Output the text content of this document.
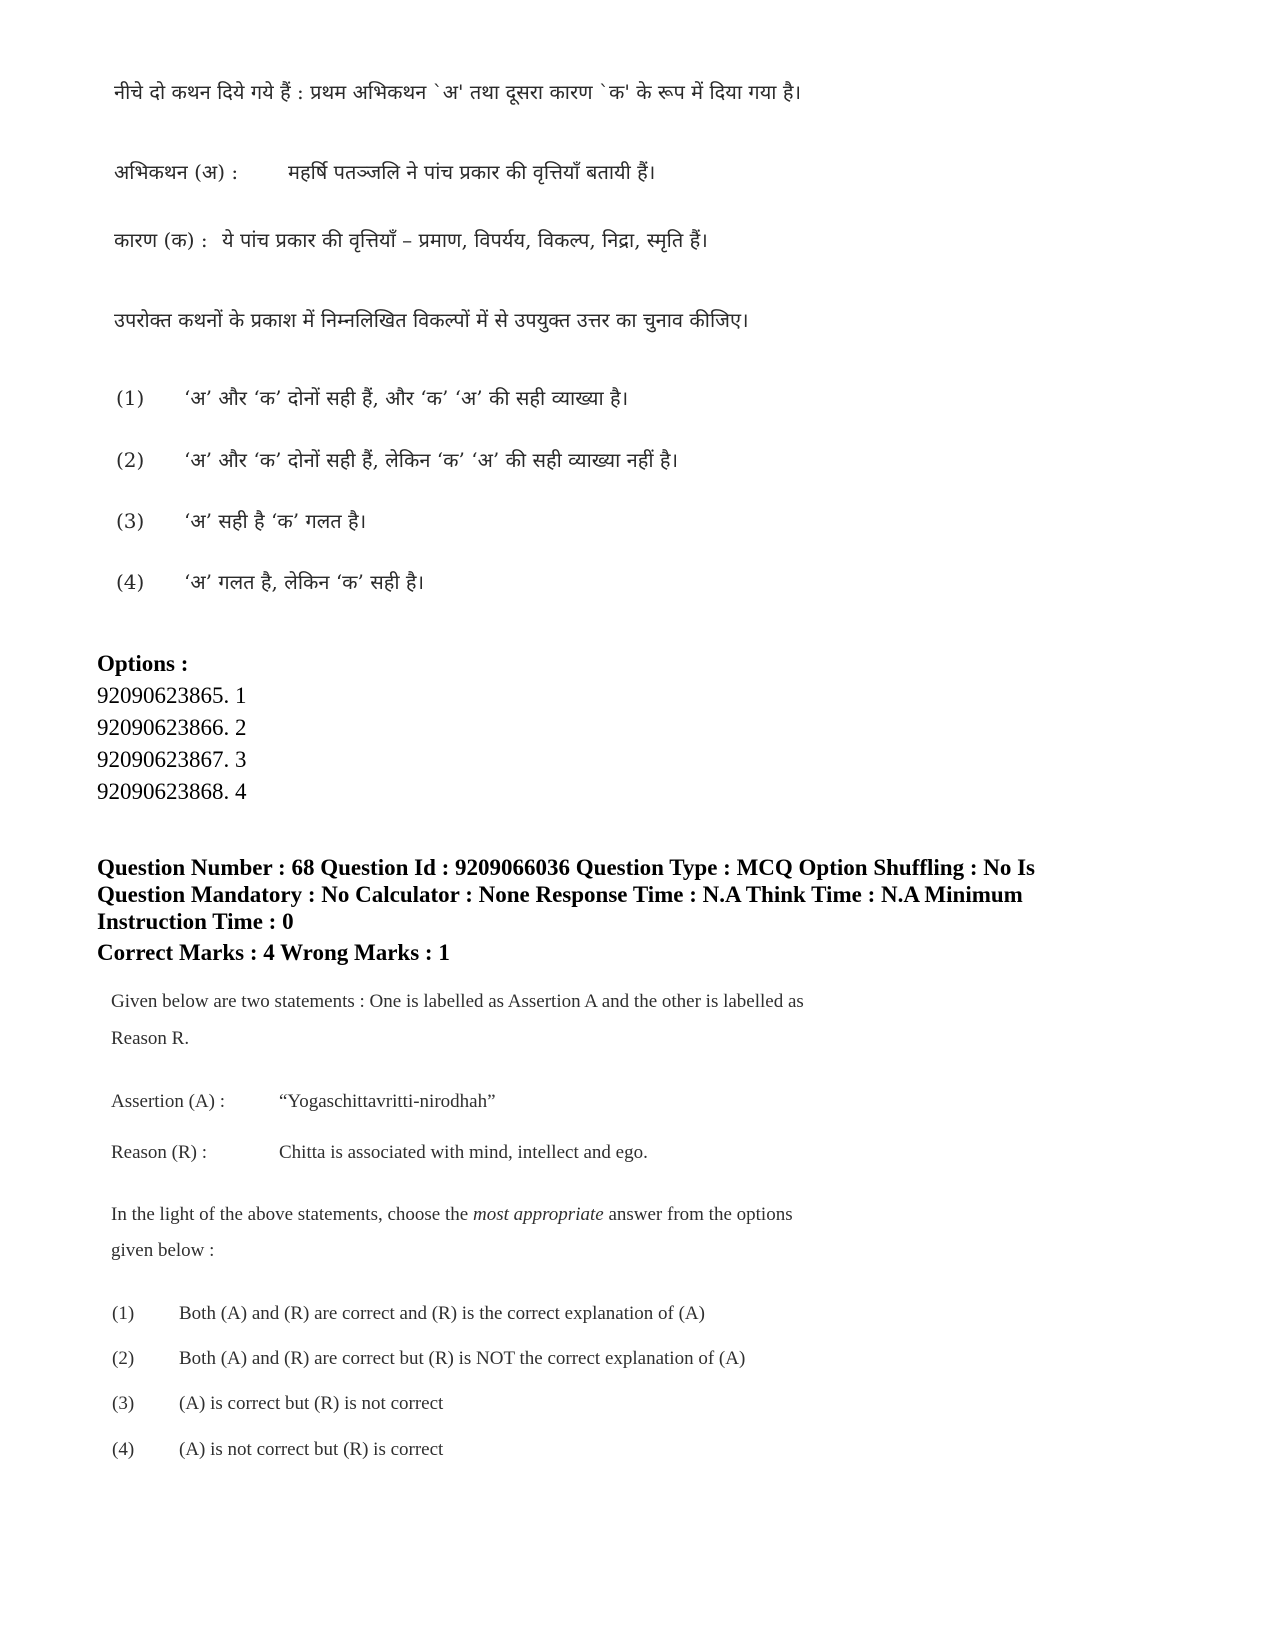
नीचे दो कथन दिये गये हैं : प्रथम अभिकथन `अ' तथा दूसरा कारण `क' के रूप में दिया गया है।
अभिकथन (अ) : महर्षि पतञ्जलि ने पांच प्रकार की वृत्तियाँ बतायी हैं।
कारण (क) : ये पांच प्रकार की वृत्तियाँ – प्रमाण, विपर्यय, विकल्प, निद्रा, स्मृति हैं।
उपरोक्त कथनों के प्रकाश में निम्नलिखित विकल्पों में से उपयुक्त उत्तर का चुनाव कीजिए।
(1) ‘अ’ और ‘क’ दोनों सही हैं, और ‘क’ ‘अ’ की सही व्याख्या है।
(2) ‘अ’ और ‘क’ दोनों सही हैं, लेकिन ‘क’ ‘अ’ की सही व्याख्या नहीं है।
(3) ‘अ’ सही है ‘क’ गलत है।
(4) ‘अ’ गलत है, लेकिन ‘क’ सही है।
Options :
92090623865. 1
92090623866. 2
92090623867. 3
92090623868. 4
Question Number : 68 Question Id : 9209066036 Question Type : MCQ Option Shuffling : No Is
Question Mandatory : No Calculator : None Response Time : N.A Think Time : N.A Minimum
Instruction Time : 0
Correct Marks : 4 Wrong Marks : 1
Given below are two statements : One is labelled as Assertion A and the other is labelled as
Reason R.
Assertion (A) :	“Yogaschittavritti-nirodhah”
Reason (R) :	Chitta is associated with mind, intellect and ego.
In the light of the above statements, choose the most appropriate answer from the options
given below :
(1) Both (A) and (R) are correct and (R) is the correct explanation of (A)
(2) Both (A) and (R) are correct but (R) is NOT the correct explanation of (A)
(3) (A) is correct but (R) is not correct
(4) (A) is not correct but (R) is correct
